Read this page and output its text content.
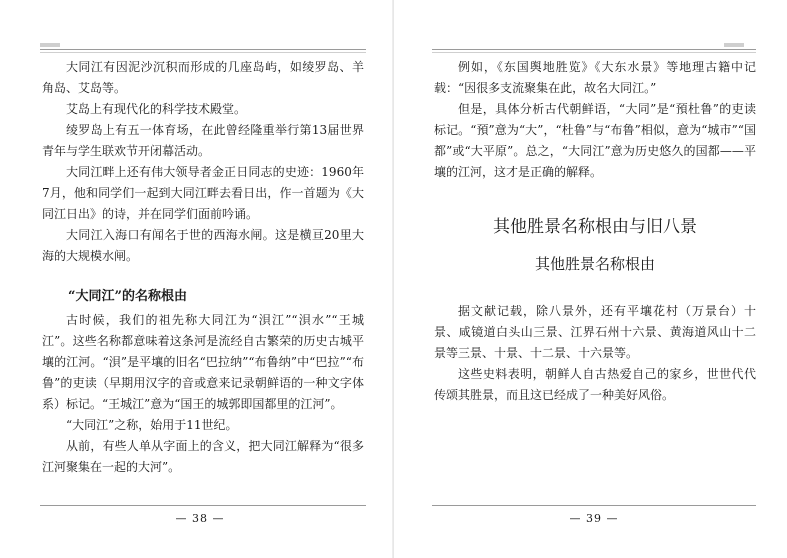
大同江有因泥沙沉积而形成的几座岛屿，如绫罗岛、羊角岛、艾岛等。

艾岛上有现代化的科学技术殿堂。

绫罗岛上有五一体育场，在此曾经隆重举行第13届世界青年与学生联欢节开闭幕活动。

大同江畔上还有伟大领导者金正日同志的史迹：1960年7月，他和同学们一起到大同江畔去看日出，作一首题为《大同江日出》的诗，并在同学们面前吟诵。

大同江入海口有闻名于世的西海水闸。这是横亘20里大海的大规模水闸。

“大同江”的名称根由

古时候，我们的祖先称大同江为“浿江”“浿水”“王城江”。这些名称都意味着这条河是流经自古繁荣的历史古城平壤的江河。“浿”是平壤的旧名“巴拉纳”“布鲁纳”中“巴拉”“布鲁”的吏读（早期用汉字的音或意来记录朝鲜语的一种文字体系）标记。“王城江”意为“国王的城郭即国都里的江河”。

“大同江”之称，始用于11世纪。

从前，有些人单从字面上的含义，把大同江解释为“很多江河聚集在一起的大河”。

— 38 —

例如，《东国舆地胜览》《大东水景》等地理古籍中记载：“因很多支流聚集在此，故名大同江。”

但是，具体分析古代朝鲜语，“大同”是“預杜鲁”的吏读标记。“預”意为“大”，“杜鲁”与“布鲁”相似，意为“城市”“国都”或“大平原”。总之，“大同江”意为历史悠久的国都——平壤的江河，这才是正确的解释。

其他胜景名称根由与旧八景
其他胜景名称根由

据文献记载，除八景外，还有平壤花村（万景台）十景、咸镜道白头山三景、江界石州十六景、黄海道风山十二景等三景、十景、十二景、十六景等。

这些史料表明，朝鲜人自古热爱自己的家乡，世世代代传颂其胜景，而且这已经成了一种美好风俗。

— 39 —
